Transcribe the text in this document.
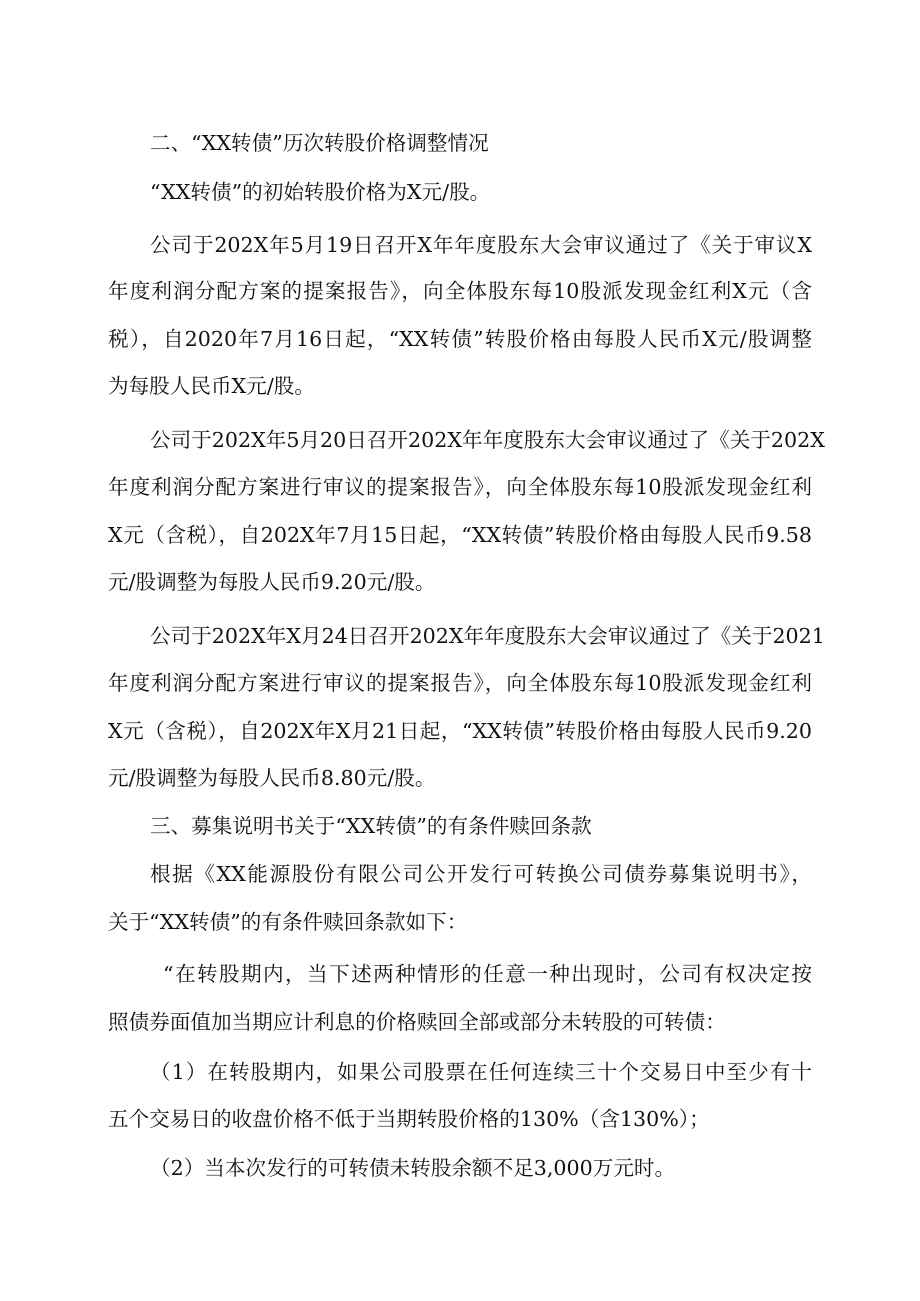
二、“XX转债”历次转股价格调整情况

“XX转债”的初始转股价格为X元/股。

公司于202X年5月19日召开X年年度股东大会审议通过了《关于审议X

年度利润分配方案的提案报告》，向全体股东每10股派发现金红利X元（含

税），自2020年7月16日起，“XX转债”转股价格由每股人民币X元/股调整

为每股人民币X元/股。

公司于202X年5月20日召开202X年年度股东大会审议通过了《关于202X

年度利润分配方案进行审议的提案报告》，向全体股东每10股派发现金红利

X元（含税），自202X年7月15日起，“XX转债”转股价格由每股人民币9.58

元/股调整为每股人民币9.20元/股。

公司于202X年X月24日召开202X年年度股东大会审议通过了《关于2021

年度利润分配方案进行审议的提案报告》，向全体股东每10股派发现金红利

X元（含税），自202X年X月21日起，“XX转债”转股价格由每股人民币9.20

元/股调整为每股人民币8.80元/股。

三、募集说明书关于“XX转债”的有条件赎回条款

根据《XX能源股份有限公司公开发行可转换公司债券募集说明书》，

关于“XX转债”的有条件赎回条款如下：

“在转股期内，当下述两种情形的任意一种出现时，公司有权决定按

照债券面值加当期应计利息的价格赎回全部或部分未转股的可转债：

（1）在转股期内，如果公司股票在任何连续三十个交易日中至少有十

五个交易日的收盘价格不低于当期转股价格的130%（含130%）；

（2）当本次发行的可转债未转股余额不足3,000万元时。
